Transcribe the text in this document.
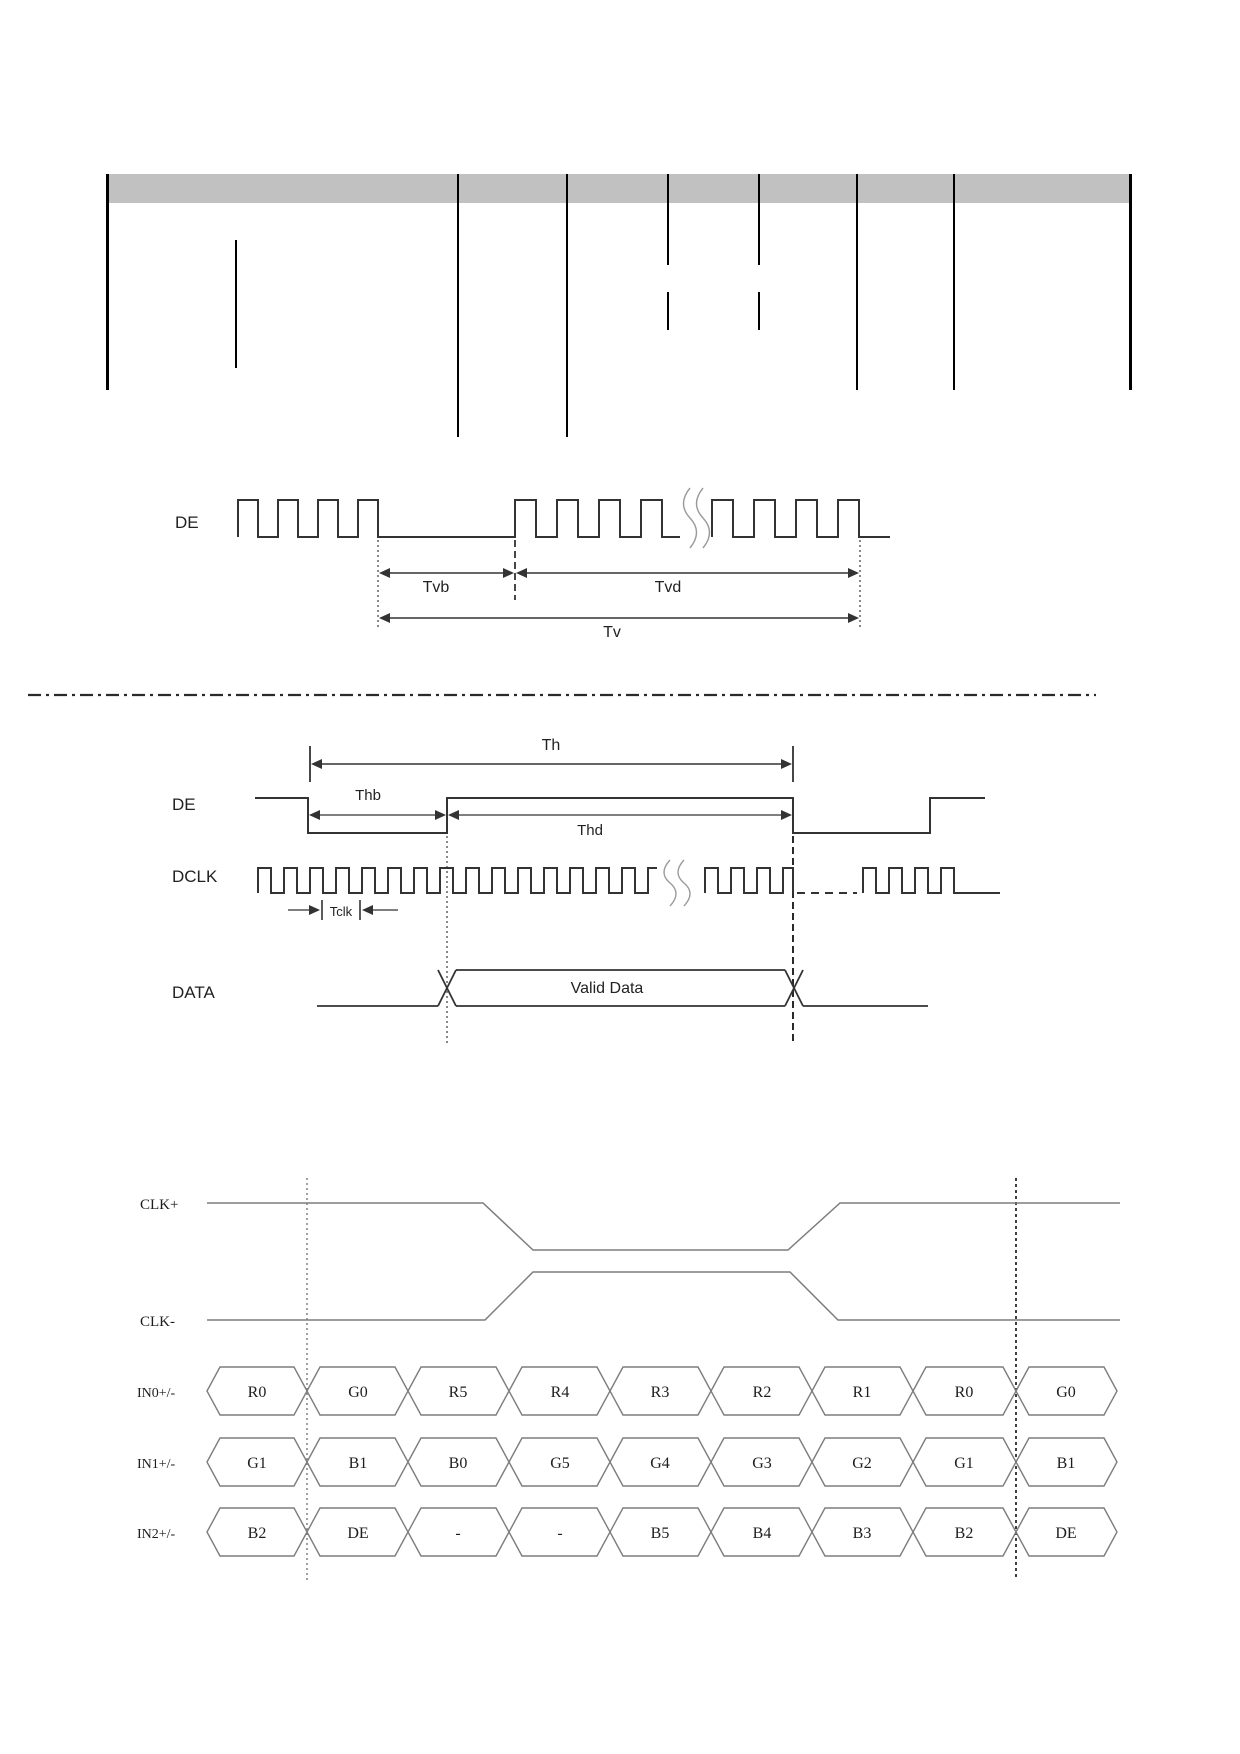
DE
Tvb	Tvd
Tv
Th
DE	Thb
Thd
DCLK
Tclk
DATA	Valid Data
CLK+
CLK-
IN0+/-	R0	G0	R5	R4	R3	R2	R1	R0	G0
IN1+/-	G1	B1	B0	G5	G4	G3	G2	G1	B1
IN2+/-	B2	DE	-	-	B5	B4	B3	B2	DE
